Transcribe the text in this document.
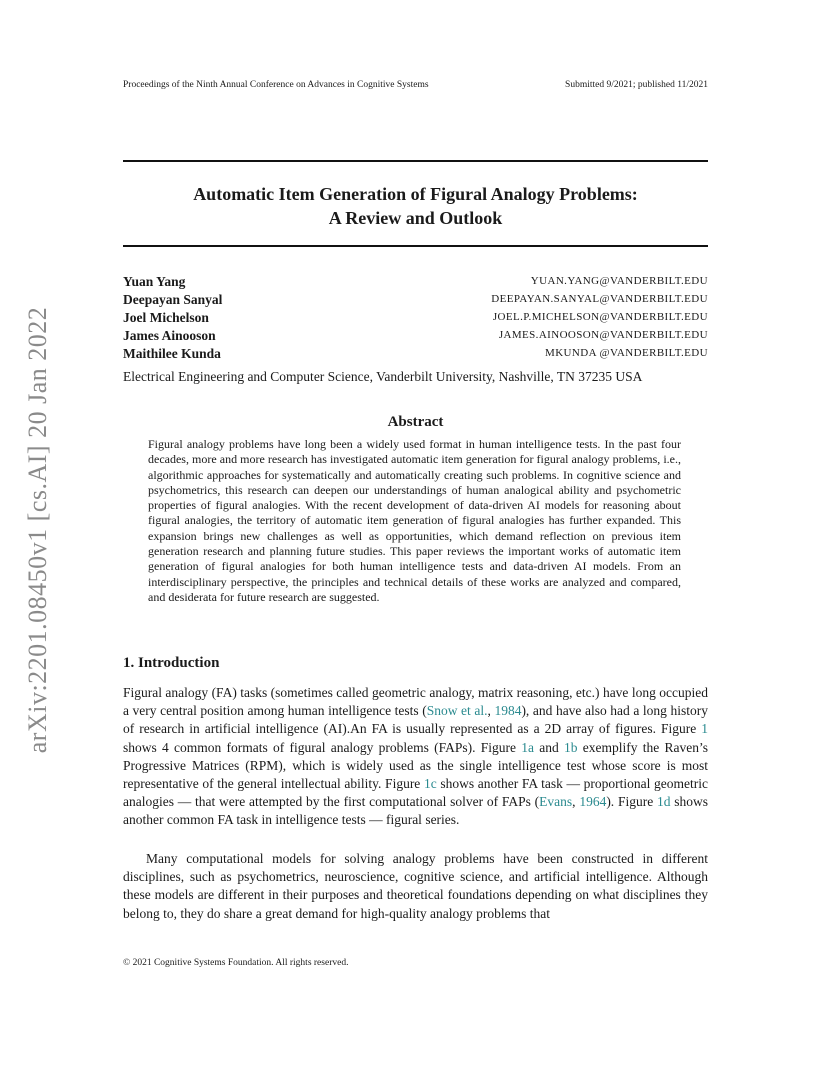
Proceedings of the Ninth Annual Conference on Advances in Cognitive Systems	Submitted 9/2021; published 11/2021
arXiv:2201.08450v1 [cs.AI] 20 Jan 2022
Automatic Item Generation of Figural Analogy Problems:
A Review and Outlook
Yuan Yang	YUAN.YANG@VANDERBILT.EDU
Deepayan Sanyal	DEEPAYAN.SANYAL@VANDERBILT.EDU
Joel Michelson	JOEL.P.MICHELSON@VANDERBILT.EDU
James Ainooson	JAMES.AINOOSON@VANDERBILT.EDU
Maithilee Kunda	MKUNDA @VANDERBILT.EDU
Electrical Engineering and Computer Science, Vanderbilt University, Nashville, TN 37235 USA
Abstract

Figural analogy problems have long been a widely used format in human intelligence tests. In the past four decades, more and more research has investigated automatic item generation for figural analogy problems, i.e., algorithmic approaches for systematically and automatically creating such problems. In cognitive science and psychometrics, this research can deepen our understandings of human analogical ability and psychometric properties of figural analogies. With the recent development of data-driven AI models for reasoning about figural analogies, the territory of automatic item generation of figural analogies has further expanded. This expansion brings new challenges as well as opportunities, which demand reflection on previous item generation research and planning future studies. This paper reviews the important works of automatic item generation of figural analogies for both human intelligence tests and data-driven AI models. From an interdisciplinary perspective, the principles and technical details of these works are analyzed and compared, and desiderata for future research are suggested.

1. Introduction

Figural analogy (FA) tasks (sometimes called geometric analogy, matrix reasoning, etc.) have long occupied a very central position among human intelligence tests (Snow et al., 1984), and have also had a long history of research in artificial intelligence (AI).An FA is usually represented as a 2D array of figures. Figure 1 shows 4 common formats of figural analogy problems (FAPs). Figure 1a and 1b exemplify the Raven’s Progressive Matrices (RPM), which is widely used as the single intelligence test whose score is most representative of the general intellectual ability. Figure 1c shows another FA task — proportional geometric analogies — that were attempted by the first computational solver of FAPs (Evans, 1964). Figure 1d shows another common FA task in intelligence tests — figural series.

Many computational models for solving analogy problems have been constructed in different disciplines, such as psychometrics, neuroscience, cognitive science, and artificial intelligence. Although these models are different in their purposes and theoretical foundations depending on what disciplines they belong to, they do share a great demand for high-quality analogy problems that

© 2021 Cognitive Systems Foundation. All rights reserved.
